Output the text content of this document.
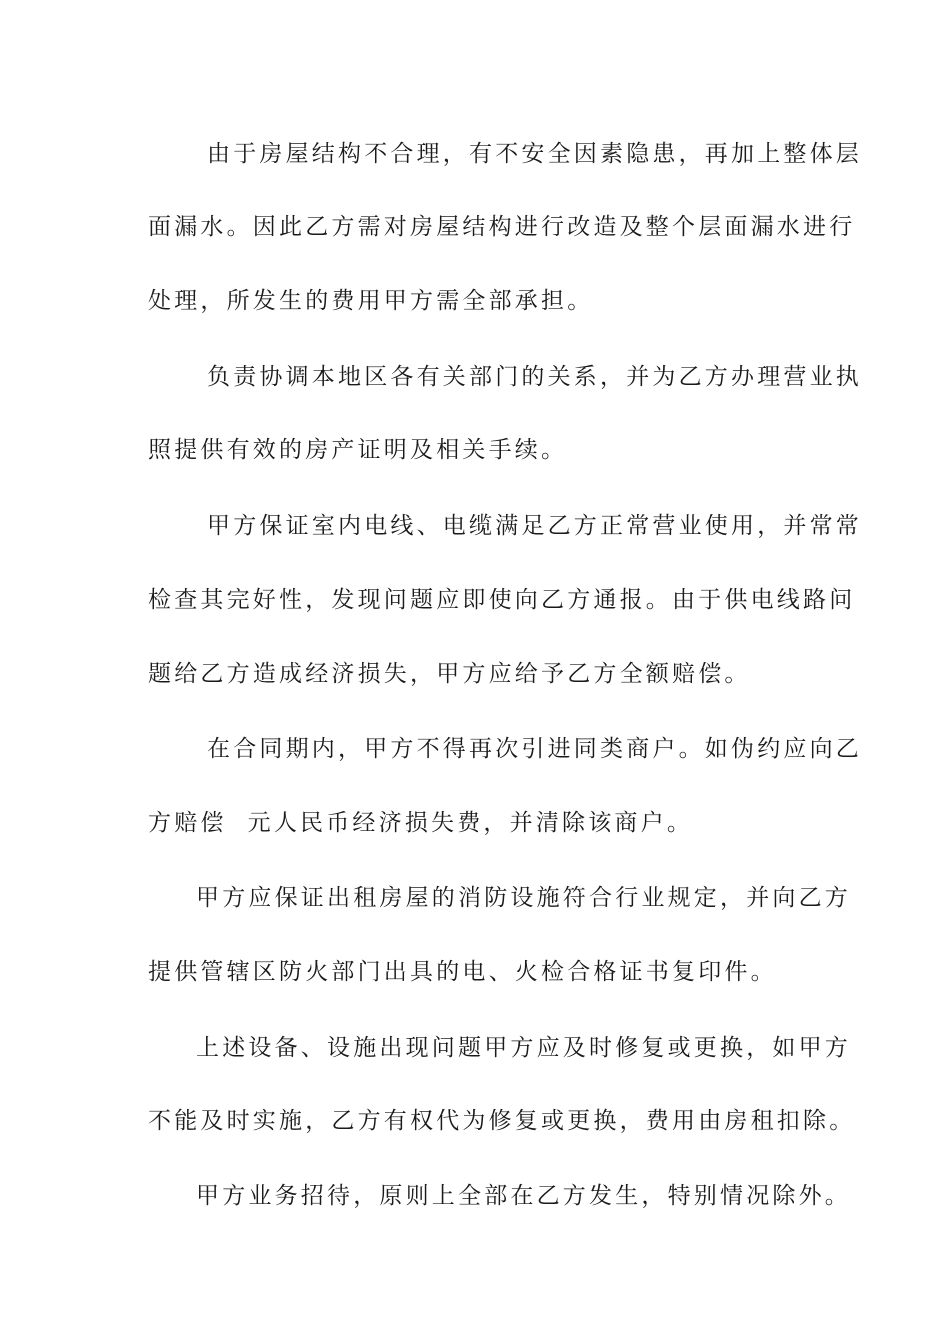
由于房屋结构不合理，有不安全因素隐患，再加上整体层
面漏水。因此乙方需对房屋结构进行改造及整个层面漏水进行
处理，所发生的费用甲方需全部承担。
负责协调本地区各有关部门的关系，并为乙方办理营业执
照提供有效的房产证明及相关手续。
甲方保证室内电线、电缆满足乙方正常营业使用，并常常
检查其完好性，发现问题应即使向乙方通报。由于供电线路问
题给乙方造成经济损失，甲方应给予乙方全额赔偿。
在合同期内，甲方不得再次引进同类商户。如伪约应向乙
方赔偿  元人民币经济损失费，并清除该商户。
甲方应保证出租房屋的消防设施符合行业规定，并向乙方
提供管辖区防火部门出具的电、火检合格证书复印件。
上述设备、设施出现问题甲方应及时修复或更换，如甲方
不能及时实施，乙方有权代为修复或更换，费用由房租扣除。
甲方业务招待，原则上全部在乙方发生，特别情况除外。
